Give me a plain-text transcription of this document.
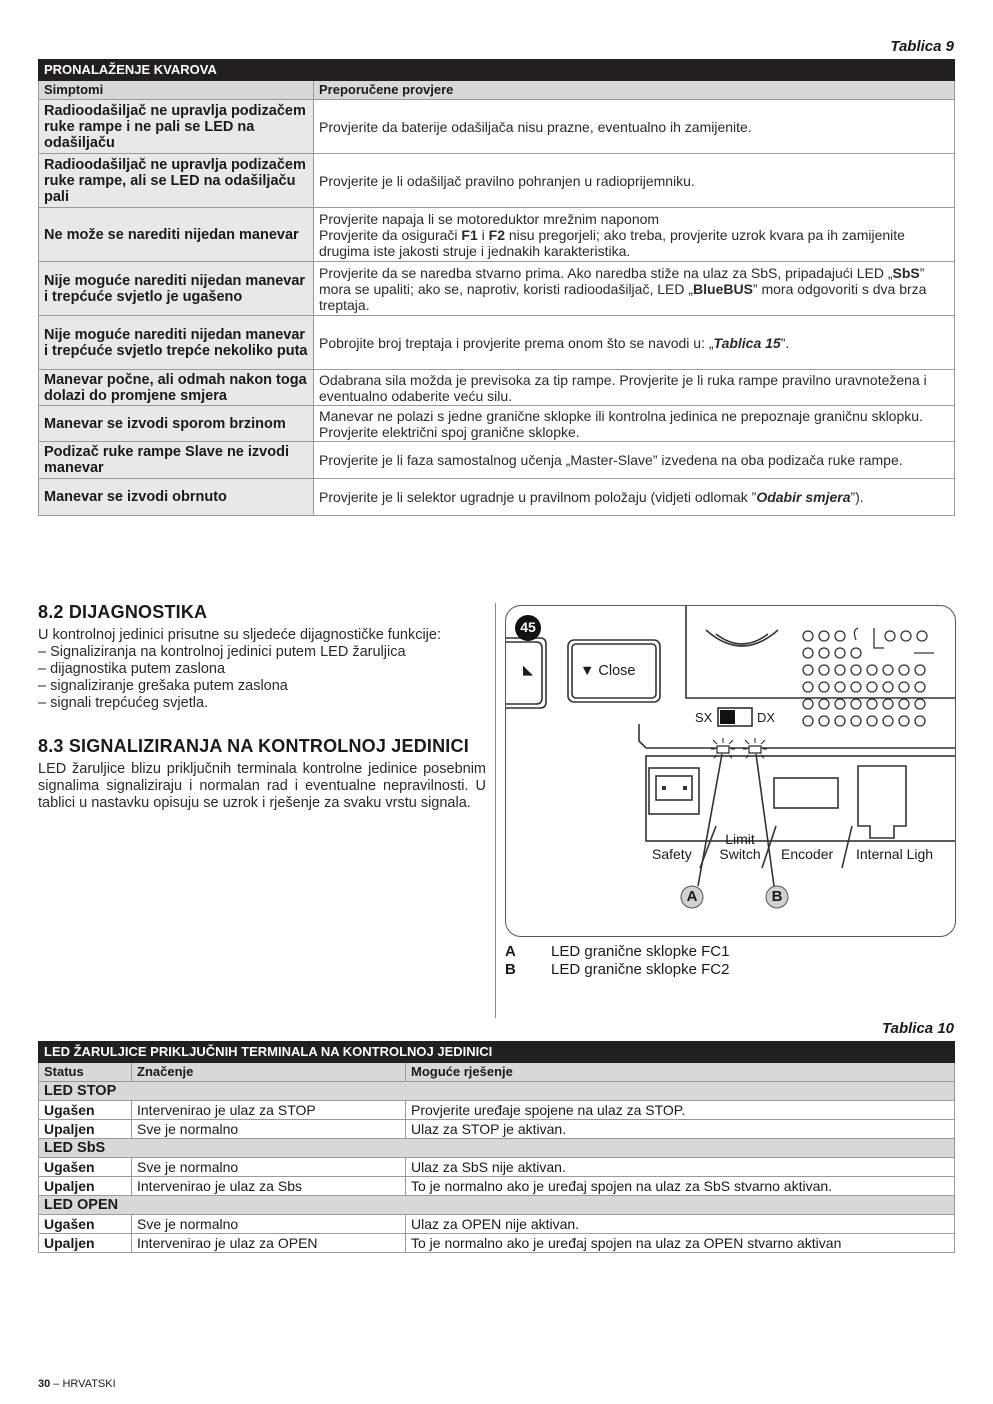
Tablica 9
PRONALAŽENJE KVAROVA	
Simptomi	Preporučene provjere
Radioodašiljač ne upravlja podizačem ruke rampe i ne pali se LED na odašiljaču	Provjerite da baterije odašiljača nisu prazne, eventualno ih zamijenite.
Radioodašiljač ne upravlja podizačem ruke rampe, ali se LED na odašiljaču pali	Provjerite je li odašiljač pravilno pohranjen u radioprijemniku.
Ne može se narediti nijedan manevar	Provjerite napaja li se motoreduktor mrežnim naponom
Provjerite da osigurači F1 i F2 nisu pregorjeli; ako treba, provjerite uzrok kvara pa ih zamijenite drugima iste jakosti struje i jednakih karakteristika.
Nije moguće narediti nijedan manevar i trepćuće svjetlo je ugašeno	Provjerite da se naredba stvarno prima. Ako naredba stiže na ulaz za SbS, pripadajući LED „SbS” mora se upaliti; ako se, naprotiv, koristi radioodašiljač, LED „BlueBUS” mora odgovoriti s dva brza treptaja.
Nije moguće narediti nijedan manevar i trepćuće svjetlo trepće nekoliko puta	Pobrojite broj treptaja i provjerite prema onom što se navodi u: „Tablica 15”.
Manevar počne, ali odmah nakon toga dolazi do promjene smjera	Odabrana sila možda je previsoka za tip rampe. Provjerite je li ruka rampe pravilno uravnotežena i eventualno odaberite veću silu.
Manevar se izvodi sporom brzinom	Manevar ne polazi s jedne granične sklopke ili kontrolna jedinica ne prepoznaje graničnu sklopku. Provjerite električni spoj granične sklopke.
Podizač ruke rampe Slave ne izvodi manevar	Provjerite je li faza samostalnog učenja „Master-Slave” izvedena na oba podizača ruke rampe.
Manevar se izvodi obrnuto	Provjerite je li selektor ugradnje u pravilnom položaju (vidjeti odlomak ”Odabir smjera”).
8.2 DIJAGNOSTIKA
U kontrolnoj jedinici prisutne su sljedeće dijagnostičke funkcije:
– Signaliziranja na kontrolnoj jedinici putem LED žaruljica
– dijagnostika putem zaslona
– signaliziranje grešaka putem zaslona
– signali trepćućeg svjetla.
8.3 SIGNALIZIRANJA NA KONTROLNOJ JEDINICI
LED žaruljice blizu priključnih terminala kontrolne jedinice posebnim signalima signaliziraju i normalan rad i eventualne nepravilnosti. U tablici u nastavku opisuju se uzrok i rješenje za svaku vrstu signala.
45
◣	▼ Close
SX	DX
Safety
Limit
Switch	Encoder Internal Ligh
A	B
A LED granične sklopke FC1
B LED granične sklopke FC2
Tablica 10
LED ŽARULJICE PRIKLJUČNIH TERMINALA NA KONTROLNOJ JEDINICI		
Status	Značenje	Moguće rješenje
LED STOP		
Ugašen	Intervenirao je ulaz za STOP	Provjerite uređaje spojene na ulaz za STOP.
Upaljen	Sve je normalno	Ulaz za STOP je aktivan.
LED SbS		
Ugašen	Sve je normalno	Ulaz za SbS nije aktivan.
Upaljen	Intervenirao je ulaz za Sbs	To je normalno ako je uređaj spojen na ulaz za SbS stvarno aktivan.
LED OPEN		
Ugašen	Sve je normalno	Ulaz za OPEN nije aktivan.
Upaljen	Intervenirao je ulaz za OPEN	To je normalno ako je uređaj spojen na ulaz za OPEN stvarno aktivan
30 – HRVATSKI
